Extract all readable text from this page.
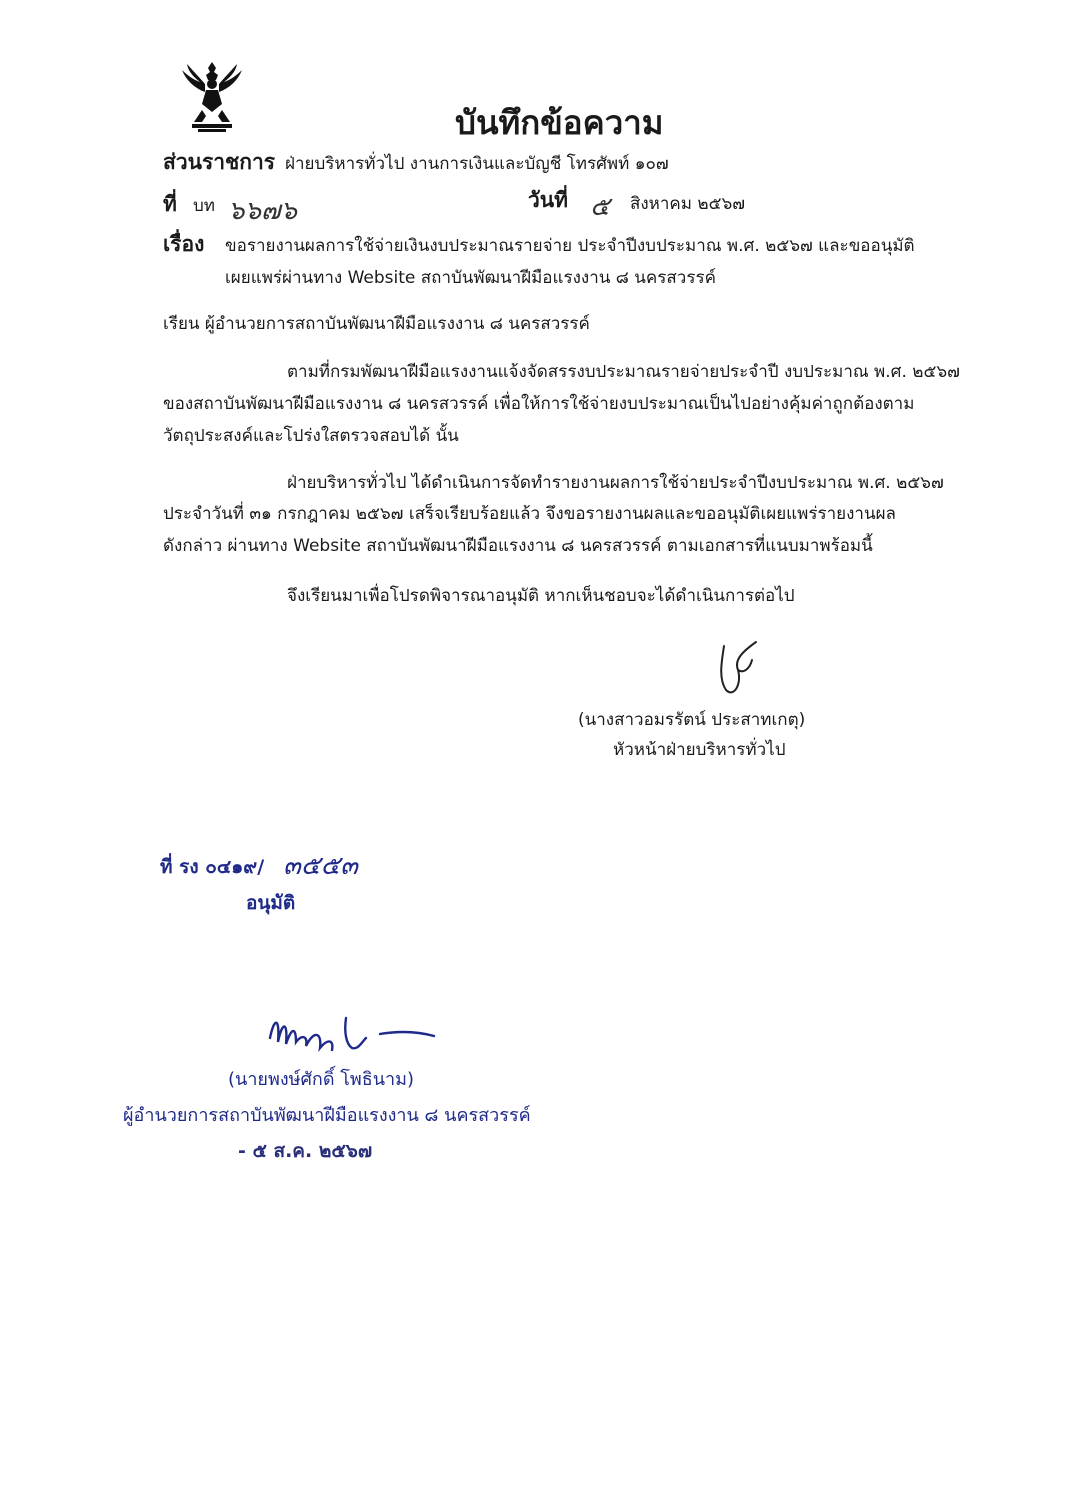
บันทึกข้อความ
ส่วนราชการ ฝ่ายบริหารทั่วไป งานการเงินและบัญชี โทรศัพท์ ๑๐๗
ที่ บท ๖๖๗๖	วันที่ ๕ สิงหาคม ๒๕๖๗
เรื่อง ขอรายงานผลการใช้จ่ายเงินงบประมาณรายจ่าย ประจำปีงบประมาณ พ.ศ. ๒๕๖๗ และขออนุมัติ
เผยแพร่ผ่านทาง Website สถาบันพัฒนาฝีมือแรงงาน ๘ นครสวรรค์
เรียน ผู้อำนวยการสถาบันพัฒนาฝีมือแรงงาน ๘ นครสวรรค์
ตามที่กรมพัฒนาฝีมือแรงงานแจ้งจัดสรรงบประมาณรายจ่ายประจำปี งบประมาณ พ.ศ. ๒๕๖๗
ของสถาบันพัฒนาฝีมือแรงงาน ๘ นครสวรรค์ เพื่อให้การใช้จ่ายงบประมาณเป็นไปอย่างคุ้มค่าถูกต้องตาม
วัตถุประสงค์และโปร่งใสตรวจสอบได้ นั้น
ฝ่ายบริหารทั่วไป ได้ดำเนินการจัดทำรายงานผลการใช้จ่ายประจำปีงบประมาณ พ.ศ. ๒๕๖๗
ประจำวันที่ ๓๑ กรกฎาคม ๒๕๖๗ เสร็จเรียบร้อยแล้ว จึงขอรายงานผลและขออนุมัติเผยแพร่รายงานผล
ดังกล่าว ผ่านทาง Website สถาบันพัฒนาฝีมือแรงงาน ๘ นครสวรรค์ ตามเอกสารที่แนบมาพร้อมนี้
จึงเรียนมาเพื่อโปรดพิจารณาอนุมัติ หากเห็นชอบจะได้ดำเนินการต่อไป
(นางสาวอมรรัตน์ ประสาทเกตุ)
หัวหน้าฝ่ายบริหารทั่วไป
ที่ รง ๐๔๑๙/ ๓๕๕๓
อนุมัติ
(นายพงษ์ศักดิ์ โพธินาม)
ผู้อำนวยการสถาบันพัฒนาฝีมือแรงงาน ๘ นครสวรรค์
- ๕ ส.ค. ๒๕๖๗
